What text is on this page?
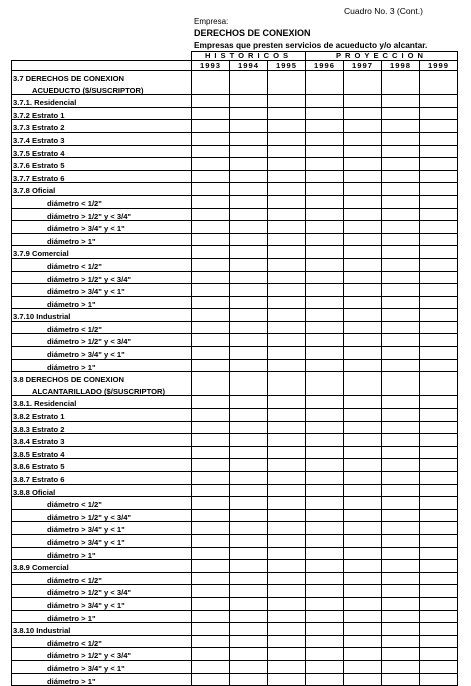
Cuadro No. 3 (Cont.)
Empresa:
DERECHOS DE CONEXION
Empresas que presten servicios de acueducto y/o alcantar.
	HISTORICOS			PROYECCION			
	1993	1994	1995	1996	1997	1998	1999
3.7 DERECHOS DE CONEXION							
ACUEDUCTO ($/SUSCRIPTOR)							
3.7.1. Residencial							
3.7.2 Estrato 1							
3.7.3 Estrato 2							
3.7.4 Estrato 3							
3.7.5 Estrato 4							
3.7.6 Estrato 5							
3.7.7 Estrato 6							
3.7.8 Oficial							
diámetro < 1/2"							
diámetro > 1/2" y < 3/4"							
diámetro > 3/4" y < 1"							
diámetro > 1"							
3.7.9 Comercial							
diámetro < 1/2"							
diámetro > 1/2" y < 3/4"							
diámetro > 3/4" y < 1"							
diámetro > 1"							
3.7.10 Industrial							
diámetro < 1/2"							
diámetro > 1/2" y < 3/4"							
diámetro > 3/4" y < 1"							
diámetro > 1"							
3.8 DERECHOS DE CONEXION							
ALCANTARILLADO ($/SUSCRIPTOR)							
3.8.1. Residencial							
3.8.2 Estrato 1							
3.8.3 Estrato 2							
3.8.4 Estrato 3							
3.8.5 Estrato 4							
3.8.6 Estrato 5							
3.8.7 Estrato 6							
3.8.8 Oficial							
diámetro < 1/2"							
diámetro > 1/2" y < 3/4"							
diámetro > 3/4" y < 1"							
diámetro > 3/4" y < 1"							
diámetro > 1"							
3.8.9 Comercial							
diámetro < 1/2"							
diámetro > 1/2" y < 3/4"							
diámetro > 3/4" y < 1"							
diámetro > 1"							
3.8.10 Industrial							
diámetro < 1/2"							
diámetro > 1/2" y < 3/4"							
diámetro > 3/4" y < 1"							
diámetro > 1"							
